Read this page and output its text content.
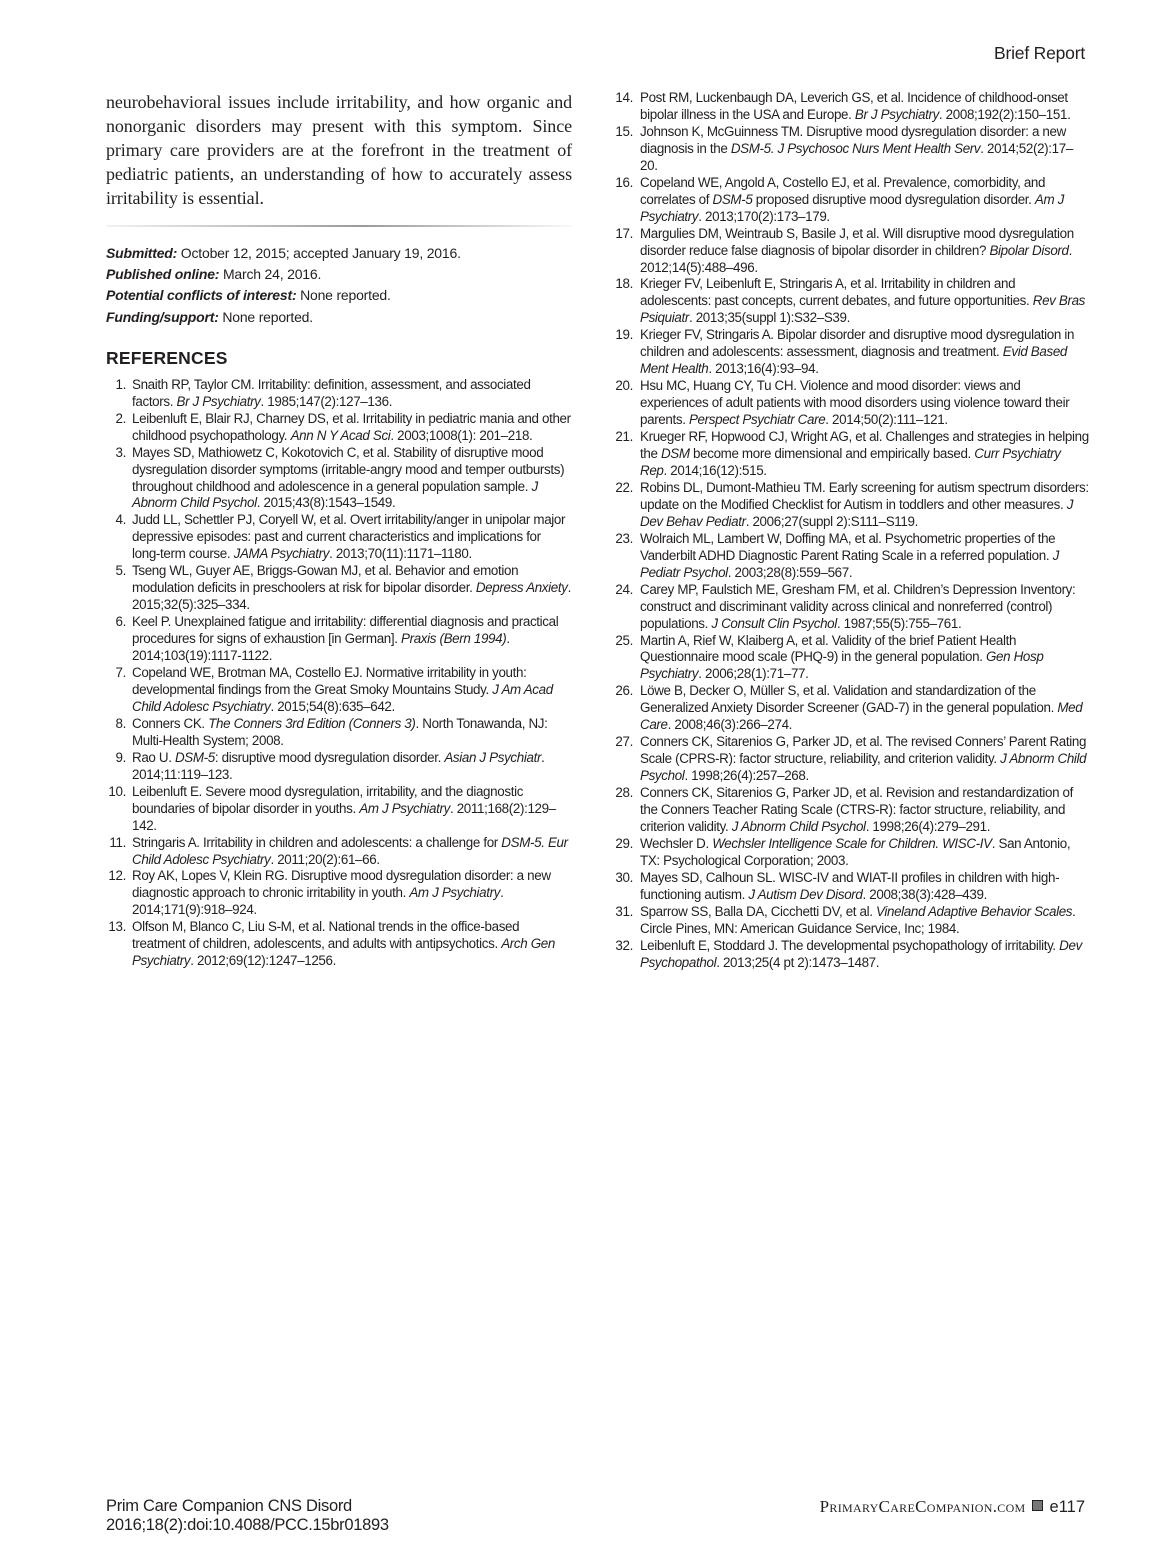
Brief Report

neurobehavioral issues include irritability, and how organic and nonorganic disorders may present with this symptom. Since primary care providers are at the forefront in the treatment of pediatric patients, an understanding of how to accurately assess irritability is essential.

Submitted: October 12, 2015; accepted January 19, 2016.
Published online: March 24, 2016.
Potential conflicts of interest: None reported.
Funding/support: None reported.
REFERENCES
1. Snaith RP, Taylor CM. Irritability: definition, assessment, and associated factors. Br J Psychiatry. 1985;147(2):127–136.
2. Leibenluft E, Blair RJ, Charney DS, et al. Irritability in pediatric mania and other childhood psychopathology. Ann N Y Acad Sci. 2003;1008(1): 201–218.
3. Mayes SD, Mathiowetz C, Kokotovich C, et al. Stability of disruptive mood dysregulation disorder symptoms (irritable-angry mood and temper outbursts) throughout childhood and adolescence in a general population sample. J Abnorm Child Psychol. 2015;43(8):1543–1549.
4. Judd LL, Schettler PJ, Coryell W, et al. Overt irritability/anger in unipolar major depressive episodes: past and current characteristics and implications for long-term course. JAMA Psychiatry. 2013;70(11):1171–1180.
5. Tseng WL, Guyer AE, Briggs-Gowan MJ, et al. Behavior and emotion modulation deficits in preschoolers at risk for bipolar disorder. Depress Anxiety. 2015;32(5):325–334.
6. Keel P. Unexplained fatigue and irritability: differential diagnosis and practical procedures for signs of exhaustion [in German]. Praxis (Bern 1994). 2014;103(19):1117-1122.
7. Copeland WE, Brotman MA, Costello EJ. Normative irritability in youth: developmental findings from the Great Smoky Mountains Study. J Am Acad Child Adolesc Psychiatry. 2015;54(8):635–642.
8. Conners CK. The Conners 3rd Edition (Conners 3). North Tonawanda, NJ: Multi-Health System; 2008.
9. Rao U. DSM-5: disruptive mood dysregulation disorder. Asian J Psychiatr. 2014;11:119–123.
10. Leibenluft E. Severe mood dysregulation, irritability, and the diagnostic boundaries of bipolar disorder in youths. Am J Psychiatry. 2011;168(2):129–142.
11. Stringaris A. Irritability in children and adolescents: a challenge for DSM-5. Eur Child Adolesc Psychiatry. 2011;20(2):61–66.
12. Roy AK, Lopes V, Klein RG. Disruptive mood dysregulation disorder: a new diagnostic approach to chronic irritability in youth. Am J Psychiatry. 2014;171(9):918–924.
13. Olfson M, Blanco C, Liu S-M, et al. National trends in the office-based treatment of children, adolescents, and adults with antipsychotics. Arch Gen Psychiatry. 2012;69(12):1247–1256.
14. Post RM, Luckenbaugh DA, Leverich GS, et al. Incidence of childhood-onset bipolar illness in the USA and Europe. Br J Psychiatry. 2008;192(2):150–151.
15. Johnson K, McGuinness TM. Disruptive mood dysregulation disorder: a new diagnosis in the DSM-5. J Psychosoc Nurs Ment Health Serv. 2014;52(2):17–20.
16. Copeland WE, Angold A, Costello EJ, et al. Prevalence, comorbidity, and correlates of DSM-5 proposed disruptive mood dysregulation disorder. Am J Psychiatry. 2013;170(2):173–179.
17. Margulies DM, Weintraub S, Basile J, et al. Will disruptive mood dysregulation disorder reduce false diagnosis of bipolar disorder in children? Bipolar Disord. 2012;14(5):488–496.
18. Krieger FV, Leibenluft E, Stringaris A, et al. Irritability in children and adolescents: past concepts, current debates, and future opportunities. Rev Bras Psiquiatr. 2013;35(suppl 1):S32–S39.
19. Krieger FV, Stringaris A. Bipolar disorder and disruptive mood dysregulation in children and adolescents: assessment, diagnosis and treatment. Evid Based Ment Health. 2013;16(4):93–94.
20. Hsu MC, Huang CY, Tu CH. Violence and mood disorder: views and experiences of adult patients with mood disorders using violence toward their parents. Perspect Psychiatr Care. 2014;50(2):111–121.
21. Krueger RF, Hopwood CJ, Wright AG, et al. Challenges and strategies in helping the DSM become more dimensional and empirically based. Curr Psychiatry Rep. 2014;16(12):515.
22. Robins DL, Dumont-Mathieu TM. Early screening for autism spectrum disorders: update on the Modified Checklist for Autism in toddlers and other measures. J Dev Behav Pediatr. 2006;27(suppl 2):S111–S119.
23. Wolraich ML, Lambert W, Doffing MA, et al. Psychometric properties of the Vanderbilt ADHD Diagnostic Parent Rating Scale in a referred population. J Pediatr Psychol. 2003;28(8):559–567.
24. Carey MP, Faulstich ME, Gresham FM, et al. Children’s Depression Inventory: construct and discriminant validity across clinical and nonreferred (control) populations. J Consult Clin Psychol. 1987;55(5):755–761.
25. Martin A, Rief W, Klaiberg A, et al. Validity of the brief Patient Health Questionnaire mood scale (PHQ-9) in the general population. Gen Hosp Psychiatry. 2006;28(1):71–77.
26. Löwe B, Decker O, Müller S, et al. Validation and standardization of the Generalized Anxiety Disorder Screener (GAD-7) in the general population. Med Care. 2008;46(3):266–274.
27. Conners CK, Sitarenios G, Parker JD, et al. The revised Conners’ Parent Rating Scale (CPRS-R): factor structure, reliability, and criterion validity. J Abnorm Child Psychol. 1998;26(4):257–268.
28. Conners CK, Sitarenios G, Parker JD, et al. Revision and restandardization of the Conners Teacher Rating Scale (CTRS-R): factor structure, reliability, and criterion validity. J Abnorm Child Psychol. 1998;26(4):279–291.
29. Wechsler D. Wechsler Intelligence Scale for Children. WISC-IV. San Antonio, TX: Psychological Corporation; 2003.
30. Mayes SD, Calhoun SL. WISC-IV and WIAT-II profiles in children with high-functioning autism. J Autism Dev Disord. 2008;38(3):428–439.
31. Sparrow SS, Balla DA, Cicchetti DV, et al. Vineland Adaptive Behavior Scales. Circle Pines, MN: American Guidance Service, Inc; 1984.
32. Leibenluft E, Stoddard J. The developmental psychopathology of irritability. Dev Psychopathol. 2013;25(4 pt 2):1473–1487.
Prim Care Companion CNS Disord
2016;18(2):doi:10.4088/PCC.15br01893
PrimaryCareCompanion.com e117
